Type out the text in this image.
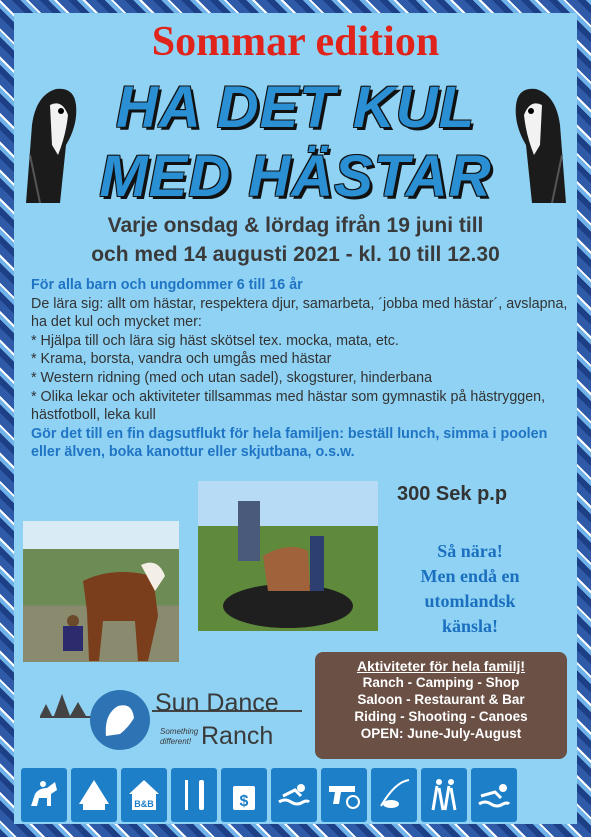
Sommar edition
HA DET KUL
MED HÄSTAR
Varje onsdag & lördag ifrån 19 juni till
och med 14 augusti 2021 - kl. 10 till 12.30
För alla barn och ungdommer 6 till 16 år
De lära sig: allt om hästar, respektera djur, samarbeta, ´jobba med hästar´, avslapna, ha det kul och mycket mer:
* Hjälpa till och lära sig häst skötsel tex. mocka, mata, etc.
* Krama, borsta, vandra och umgås med hästar
* Western ridning (med och utan sadel), skogsturer, hinderbana
* Olika lekar och aktiviteter tillsammas med hästar som gymnastik på hästryggen, hästfotboll, leka kull
Gör det till en fin dagsutflukt för hela familjen: beställ lunch, simma i poolen eller älven, boka kanottur eller skjutbana, o.s.w.
300 Sek p.p
Så nära!
Men endå en
utomlandsk
känsla!
Sun Dance
Something
different! Ranch
Aktiviteter för hela familj!
Ranch - Camping - Shop
Saloon - Restaurant & Bar
Riding - Shooting - Canoes
OPEN: June-July-August
B&B	$
